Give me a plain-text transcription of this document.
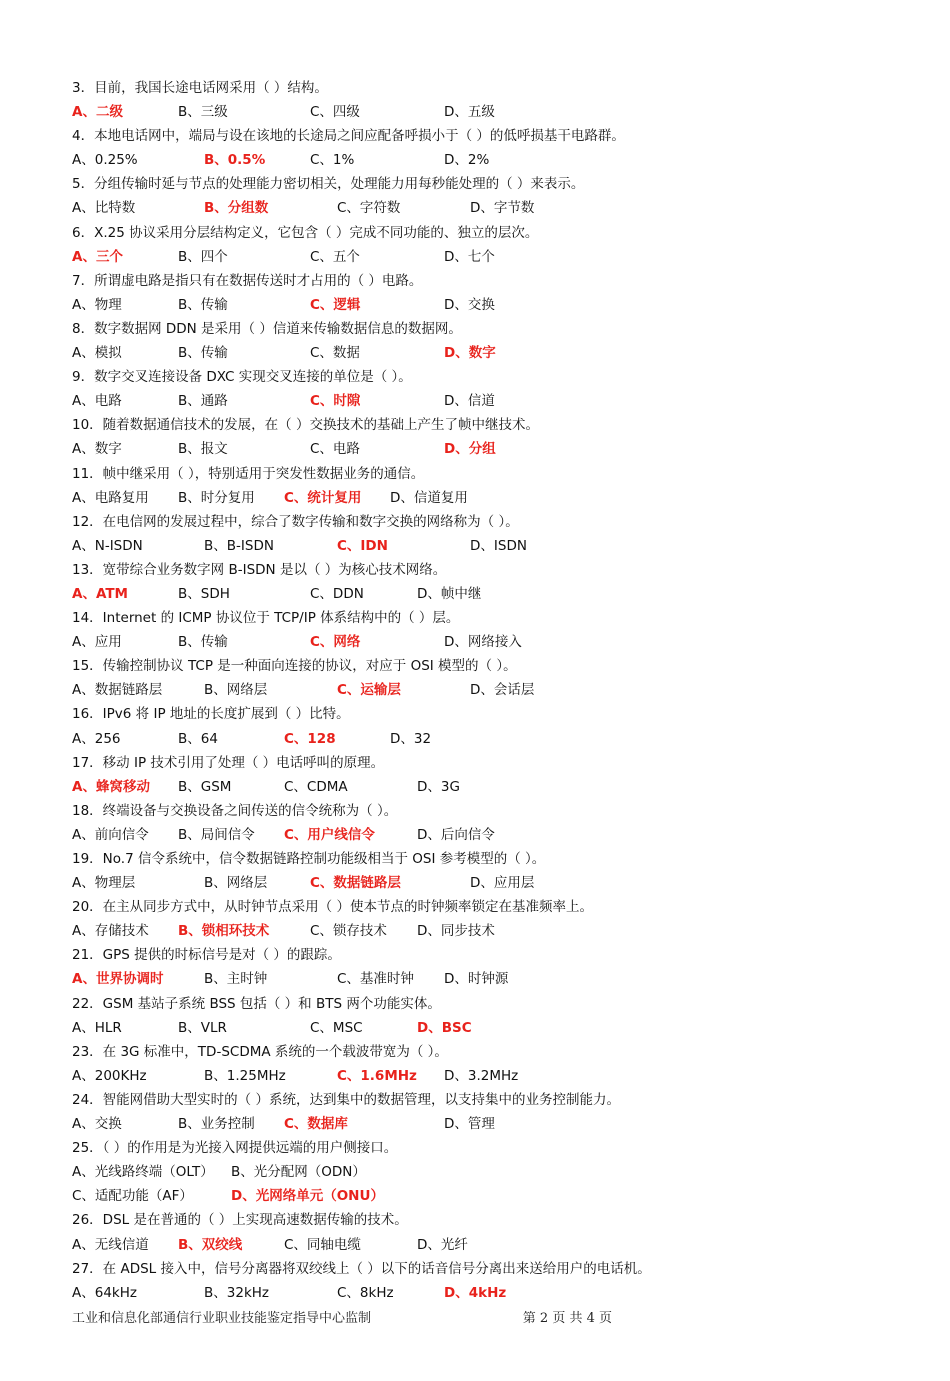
3．目前，我国长途电话网采用（ ）结构。
A、二级	B、三级	C、四级	D、五级
4．本地电话网中，端局与设在该地的长途局之间应配备呼损小于（ ）的低呼损基干电路群。
A、0.25%	B、0.5%	C、1%	D、2%
5．分组传输时延与节点的处理能力密切相关，处理能力用每秒能处理的（ ）来表示。
A、比特数	B、分组数	C、字符数	D、字节数
6．X.25 协议采用分层结构定义，它包含（ ）完成不同功能的、独立的层次。
A、三个	B、四个	C、五个	D、七个
7．所谓虚电路是指只有在数据传送时才占用的（ ）电路。
A、物理	B、传输	C、逻辑	D、交换
8．数字数据网 DDN 是采用（ ）信道来传输数据信息的数据网。
A、模拟	B、传输	C、数据	D、数字
9．数字交叉连接设备 DXC 实现交叉连接的单位是（ ）。
A、电路	B、通路	C、时隙	D、信道
10．随着数据通信技术的发展，在（ ）交换技术的基础上产生了帧中继技术。
A、数字	B、报文	C、电路	D、分组
11．帧中继采用（ ），特别适用于突发性数据业务的通信。
A、电路复用 B、时分复用 C、统计复用 D、信道复用
12．在电信网的发展过程中，综合了数字传输和数字交换的网络称为（ ）。
A、N-ISDN	B、B-ISDN	C、IDN	D、ISDN
13．宽带综合业务数字网 B-ISDN 是以（ ）为核心技术网络。
A、ATM	B、SDH	C、DDN	D、帧中继
14．Internet 的 ICMP 协议位于 TCP/IP 体系结构中的（ ）层。
A、应用	B、传输	C、网络	D、网络接入
15．传输控制协议 TCP 是一种面向连接的协议，对应于 OSI 模型的（ ）。
A、数据链路层	B、网络层	C、运输层	D、会话层
16．IPv6 将 IP 地址的长度扩展到（ ）比特。
A、256	B、64	C、128	D、32
17．移动 IP 技术引用了处理（ ）电话呼叫的原理。
A、蜂窝移动 B、GSM	C、CDMA	D、3G
18．终端设备与交换设备之间传送的信令统称为（ ）。
A、前向信令 B、局间信令 C、用户线信令	D、后向信令
19．No.7 信令系统中，信令数据链路控制功能级相当于 OSI 参考模型的（ ）。
A、物理层	B、网络层	C、数据链路层	D、应用层
20．在主从同步方式中，从时钟节点采用（ ）使本节点的时钟频率锁定在基准频率上。
A、存储技术 B、锁相环技术	C、锁存技术 D、同步技术
21．GPS 提供的时标信号是对（ ）的跟踪。
A、世界协调时	B、主时钟	C、基准时钟 D、时钟源
22．GSM 基站子系统 BSS 包括（ ）和 BTS 两个功能实体。
A、HLR	B、VLR	C、MSC	D、BSC
23．在 3G 标准中，TD-SCDMA 系统的一个载波带宽为（ ）。
A、200KHz	B、1.25MHz	C、1.6MHz D、3.2MHz
24．智能网借助大型实时的（ ）系统，达到集中的数据管理，以支持集中的业务控制能力。
A、交换	B、业务控制 C、数据库	D、管理
25．（ ）的作用是为光接入网提供远端的用户侧接口。
A、光线路终端（OLT） B、光分配网（ODN）
C、适配功能（AF）	D、光网络单元（ONU）
26．DSL 是在普通的（ ）上实现高速数据传输的技术。
A、无线信道 B、双绞线	C、同轴电缆	D、光纤
27．在 ADSL 接入中，信号分离器将双绞线上（ ）以下的话音信号分离出来送给用户的电话机。
A、64kHz	B、32kHz	C、8kHz	D、4kHz
工业和信息化部通信行业职业技能鉴定指导中心监制	第 2 页 共 4 页
